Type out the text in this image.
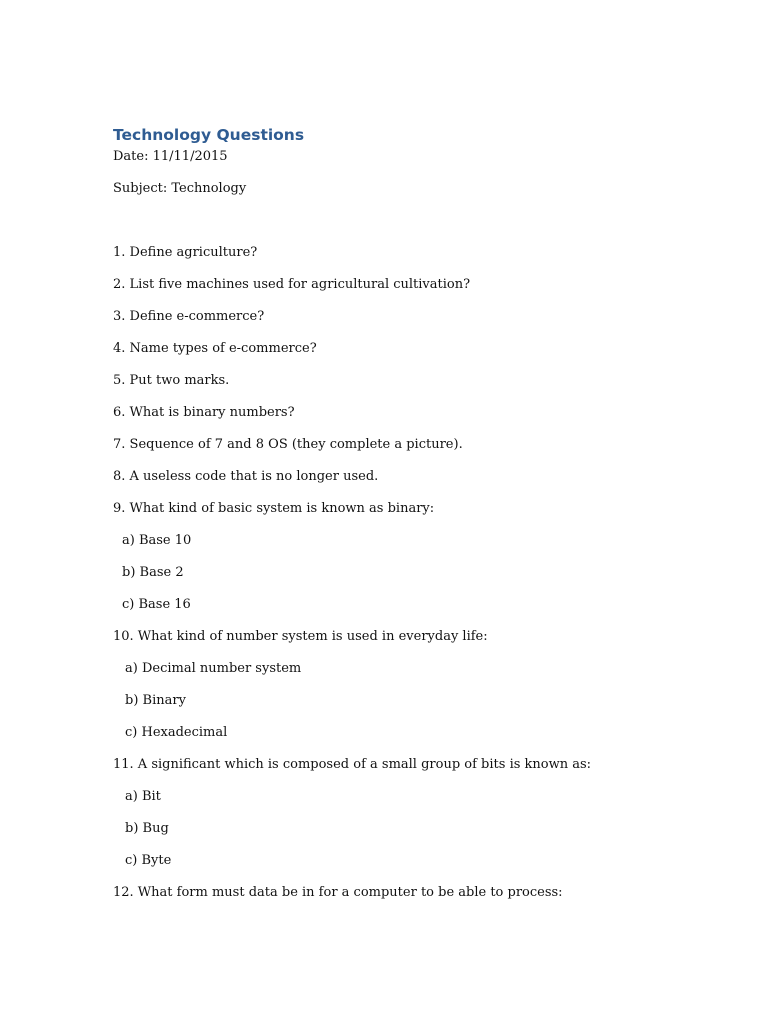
Technology Questions

Date: 11/11/2015

Subject: Technology

1. Define agriculture?

2. List five machines used for agricultural cultivation?

3. Define e-commerce?

4. Name types of e-commerce?

5. Put two marks.

6. What is binary numbers?

7. Sequence of 7 and 8 OS (they complete a picture).

8. A useless code that is no longer used.

9. What kind of basic system is known as binary:

a) Base 10

b) Base 2

c) Base 16

10. What kind of number system is used in everyday life:

a) Decimal number system

b) Binary

c) Hexadecimal

11. A significant which is composed of a small group of bits is known as:

a) Bit

b) Bug

c) Byte

12. What form must data be in for a computer to be able to process:
